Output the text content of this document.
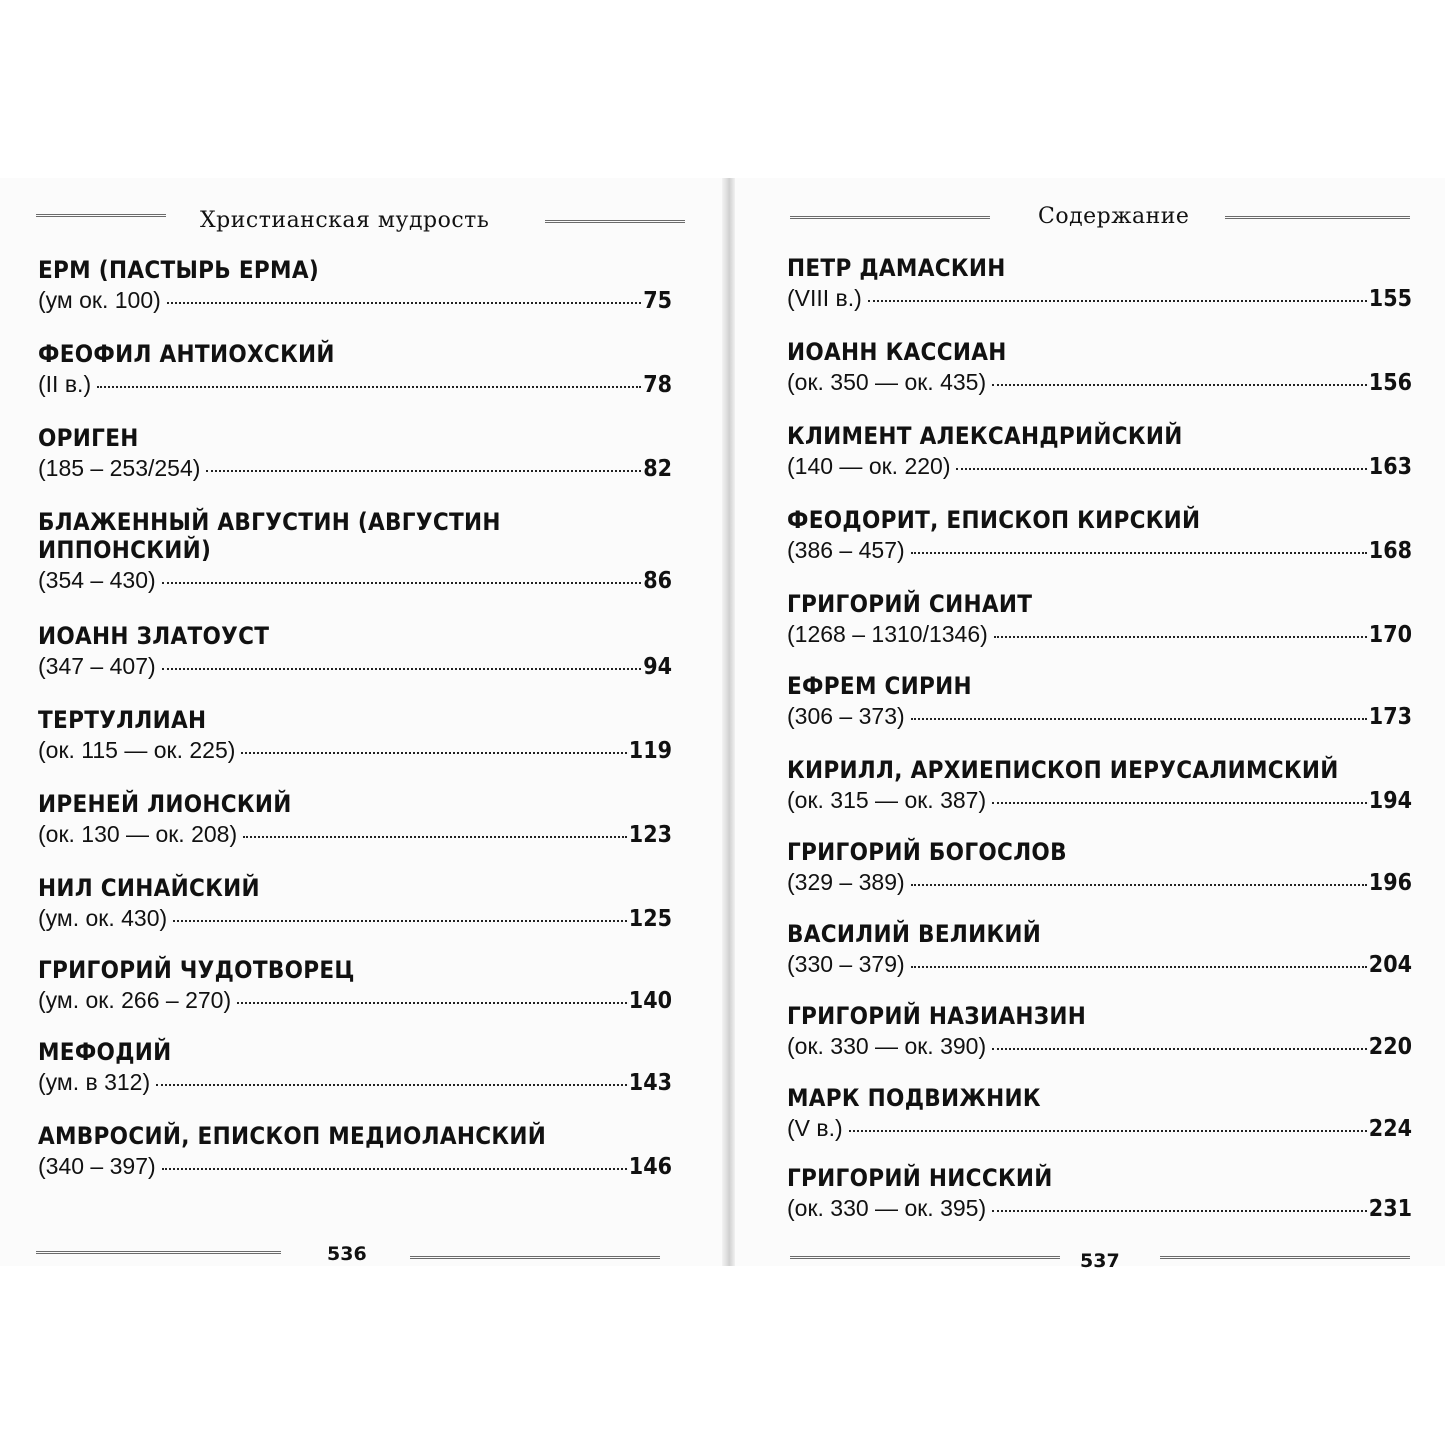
Христианская мудрость
ЕРМ (ПАСТЫРЬ ЕРМА)
(ум ок. 100)	75
ФЕОФИЛ АНТИОХСКИЙ
(II в.)	78
ОРИГЕН
(185 – 253/254)	82
БЛАЖЕННЫЙ АВГУСТИН (АВГУСТИН ИППОНСКИЙ)
(354 – 430)	86
ИОАНН ЗЛАТОУСТ
(347 – 407)	94
ТЕРТУЛЛИАН
(ок. 115 — ок. 225)	119
ИРЕНЕЙ ЛИОНСКИЙ
(ок. 130 — ок. 208)	123
НИЛ СИНАЙСКИЙ
(ум. ок. 430)	125
ГРИГОРИЙ ЧУДОТВОРЕЦ
(ум. ок. 266 – 270)	140
МЕФОДИЙ
(ум. в 312)	143
АМВРОСИЙ, ЕПИСКОП МЕДИОЛАНСКИЙ
(340 – 397)	146
536
Содержание
ПЕТР ДАМАСКИН
(VIII в.)	155
ИОАНН КАССИАН
(ок. 350 — ок. 435)	156
КЛИМЕНТ АЛЕКСАНДРИЙСКИЙ
(140 — ок. 220)	163
ФЕОДОРИТ, ЕПИСКОП КИРСКИЙ
(386 – 457)	168
ГРИГОРИЙ СИНАИТ
(1268 – 1310/1346)	170
ЕФРЕМ СИРИН
(306 – 373)	173
КИРИЛЛ, АРХИЕПИСКОП ИЕРУСАЛИМСКИЙ
(ок. 315 — ок. 387)	194
ГРИГОРИЙ БОГОСЛОВ
(329 – 389)	196
ВАСИЛИЙ ВЕЛИКИЙ
(330 – 379)	204
ГРИГОРИЙ НАЗИАНЗИН
(ок. 330 — ок. 390)	220
МАРК ПОДВИЖНИК
(V в.)	224
ГРИГОРИЙ НИССКИЙ
(ок. 330 — ок. 395)	231
537
